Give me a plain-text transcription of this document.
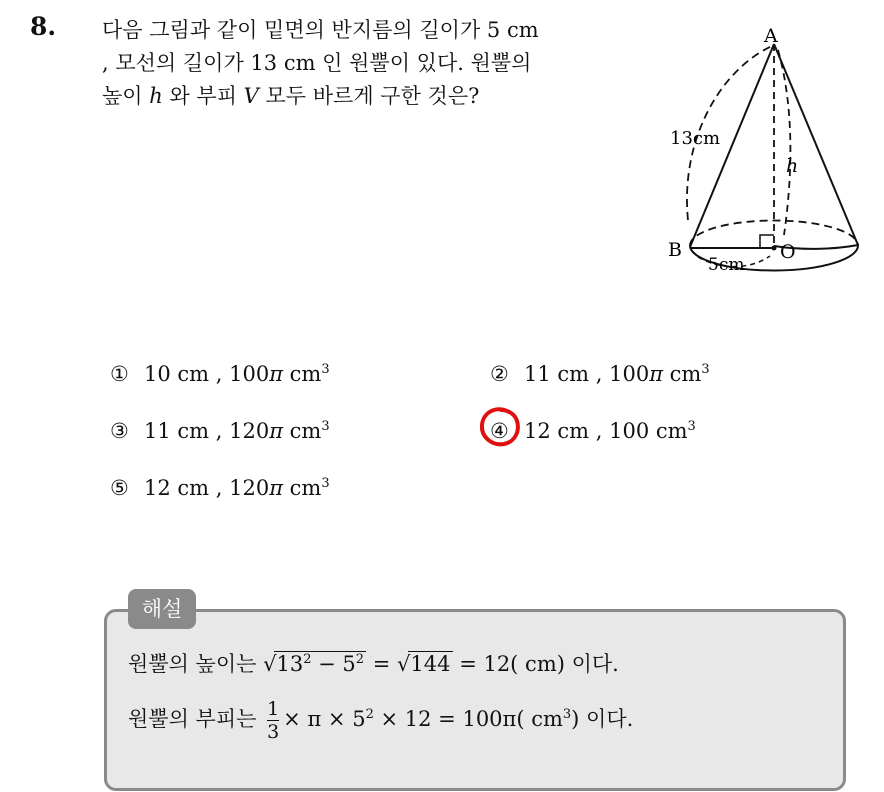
8. 다음 그림과 같이 밑면의 반지름의 길이가 5 cm
, 모선의 길이가 13 cm 인 원뿔이 있다. 원뿔의
높이 h 와 부피 V 모두 바르게 구한 것은?
A
B	O
h
13cm
5cm
① 10 cm , 100π $cm^3$	② 11 cm , 100π $cm^3$
③ 11 cm , 120π $cm^3$	④ 12 cm , 100 $cm^3$
⑤ 12 cm , 120π $cm^3$
해설
원뿔의 높이는 $√13^2 - 5^2 = √144 = 12$( cm) 이다.
원뿔의 부피는 $\frac{1}{3} \times \pi \times 5^2 \times 12 = 100\pi$( $cm^3$) 이다.
